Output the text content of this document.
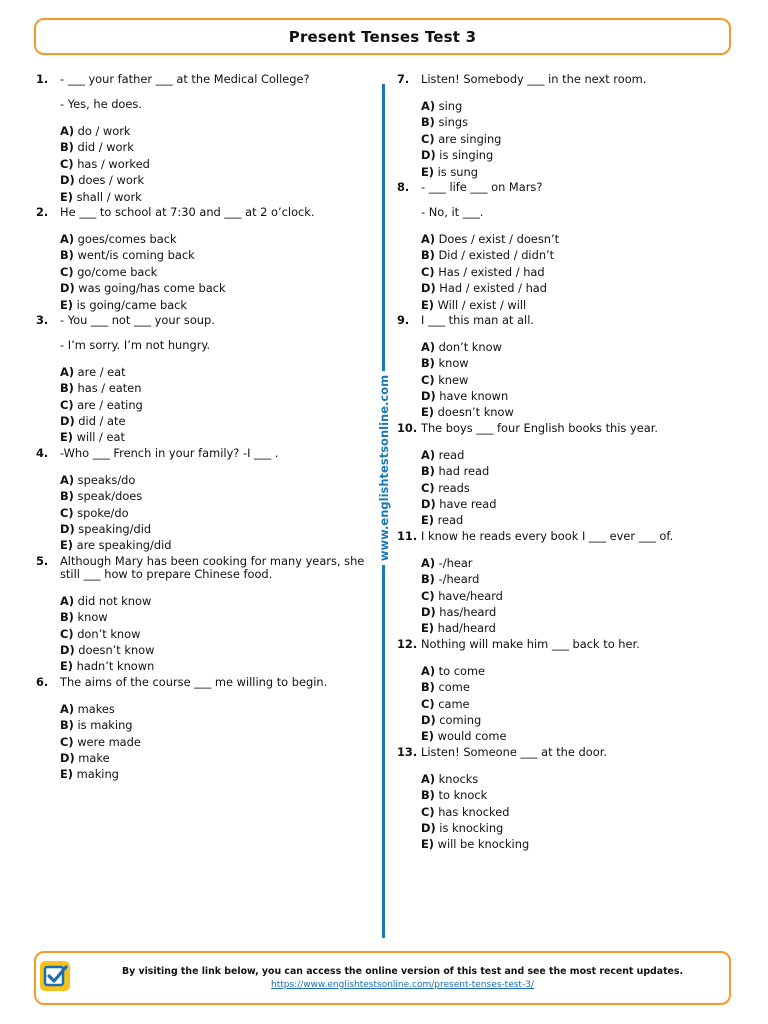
Present Tenses Test 3
1.	- ___ your father ___ at the Medical College?
- Yes, he does.
A) do / work
B) did / work
C) has / worked
D) does / work
E) shall / work
2.	He ___ to school at 7:30 and ___ at 2 o’clock.
A) goes/comes back
B) went/is coming back
C) go/come back
D) was going/has come back
E) is going/came back
3.	- You ___ not ___ your soup.
- I’m sorry. I’m not hungry.
A) are / eat
B) has / eaten
C) are / eating
D) did / ate
E) will / eat
4.	-Who ___ French in your family? -I ___ .
A) speaks/do
B) speak/does
C) spoke/do
D) speaking/did
E) are speaking/did
5.	Although Mary has been cooking for many years, she still ___ how to prepare Chinese food.
A) did not know
B) know
C) don’t know
D) doesn’t know
E) hadn’t known
6.	The aims of the course ___ me willing to begin.
A) makes
B) is making
C) were made
D) make
E) making
www.englishtestsonline.com
7.	Listen! Somebody ___ in the next room.
A) sing
B) sings
C) are singing
D) is singing
E) is sung
8.	- ___ life ___ on Mars?
- No, it ___.
A) Does / exist / doesn’t
B) Did / existed / didn’t
C) Has / existed / had
D) Had / existed / had
E) Will / exist / will
9.	I ___ this man at all.
A) don’t know
B) know
C) knew
D) have known
E) doesn’t know
10. The boys ___ four English books this year.
A) read
B) had read
C) reads
D) have read
E) read
11. I know he reads every book I ___ ever ___ of.
A) -/hear
B) -/heard
C) have/heard
D) has/heard
E) had/heard
12. Nothing will make him ___ back to her.
A) to come
B) come
C) came
D) coming
E) would come
13. Listen! Someone ___ at the door.
A) knocks
B) to knock
C) has knocked
D) is knocking
E) will be knocking
By visiting the link below, you can access the online version of this test and see the most recent updates.
https://www.englishtestsonline.com/present-tenses-test-3/
